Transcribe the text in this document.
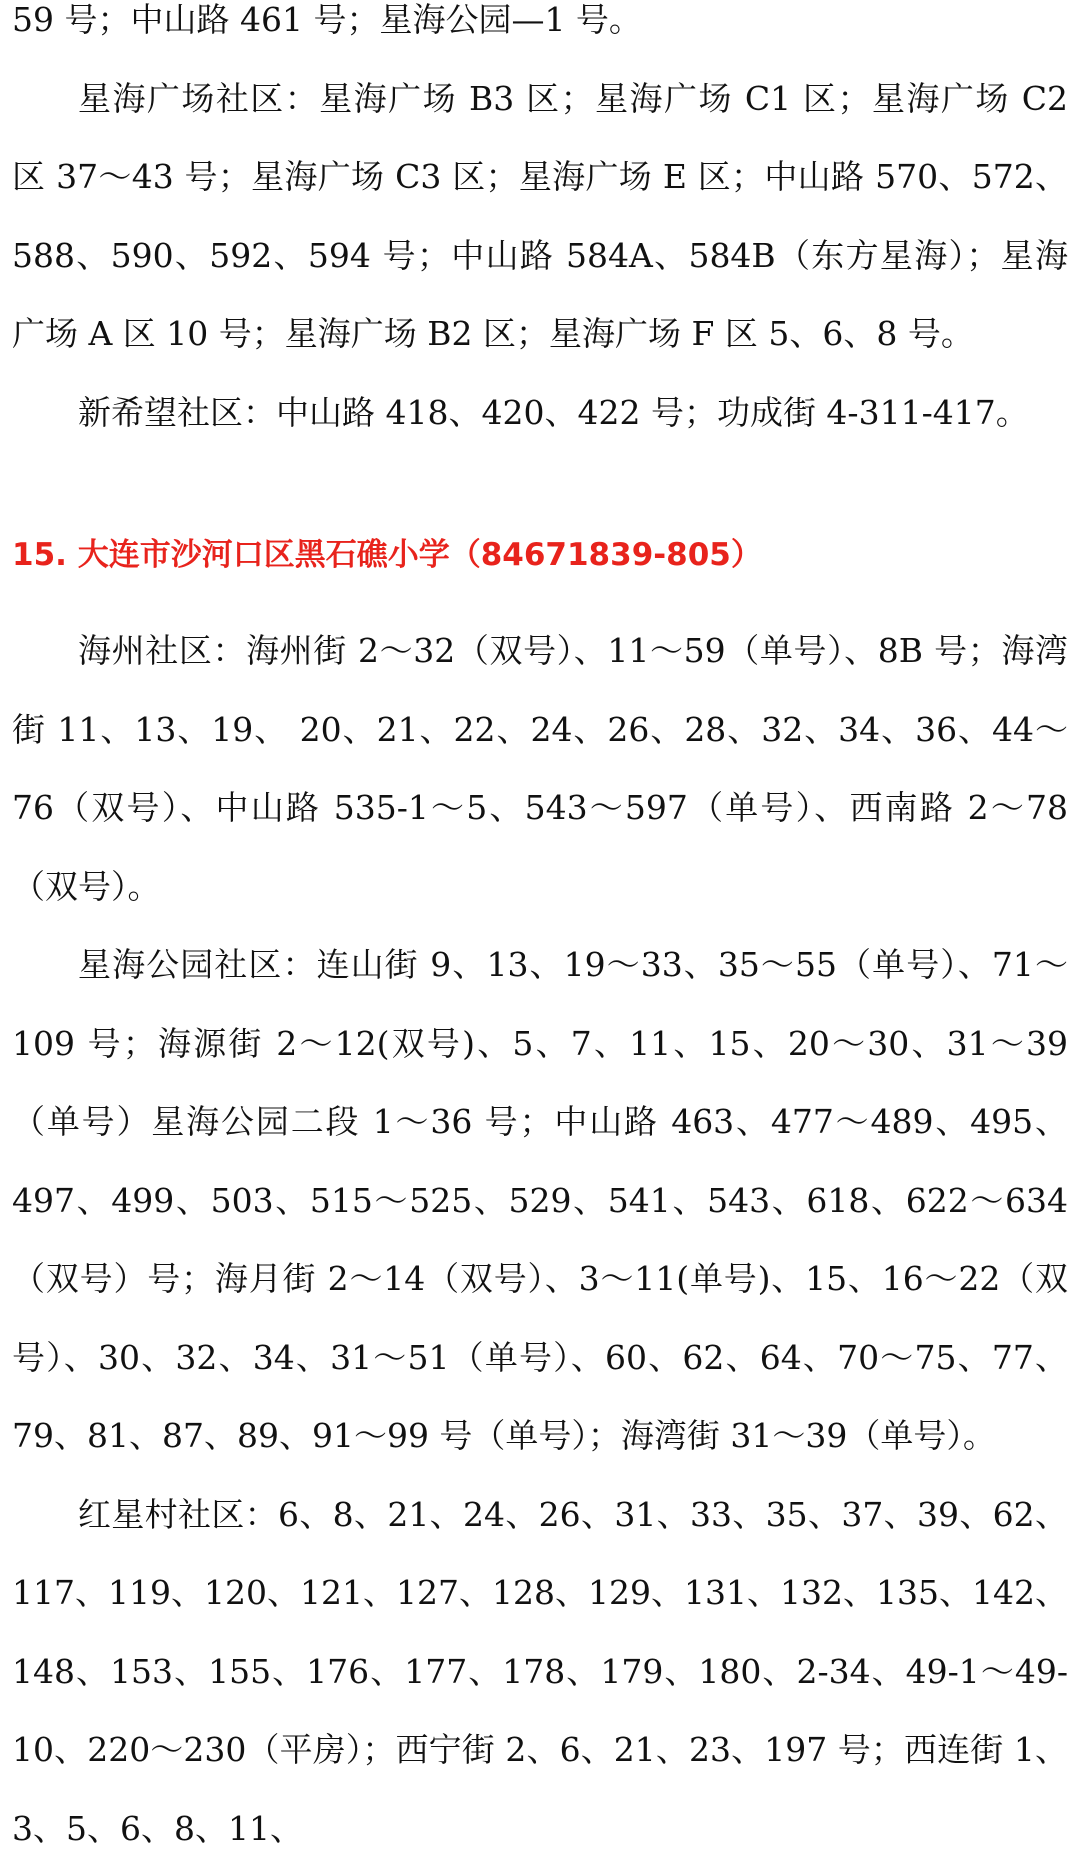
59 号；中山路 461 号；星海公园—1 号。

星海广场社区：星海广场 B3 区；星海广场 C1 区；星海广场 C2 区 37～43 号；星海广场 C3 区；星海广场 E 区；中山路 570、572、588、590、592、594 号；中山路 584A、584B（东方星海）；星海广场 A 区 10 号；星海广场 B2 区；星海广场 F 区 5、6、8 号。

新希望社区：中山路 418、420、422 号；功成街 4-311-417。

15. 大连市沙河口区黑石礁小学（84671839-805）

海州社区：海州街 2～32（双号）、11～59（单号）、8B 号；海湾街 11、13、19、 20、21、22、24、26、28、32、34、36、44～76（双号）、中山路 535-1～5、543～597（单号）、西南路 2～78（双号）。

星海公园社区：连山街 9、13、19～33、35～55（单号）、71～109 号；海源街 2～12(双号)、5、7、11、15、20～30、31～39（单号）星海公园二段 1～36 号；中山路 463、477～489、495、497、499、503、515～525、529、541、543、618、622～634（双号）号；海月街 2～14（双号）、3～11(单号)、15、16～22（双号）、30、32、34、31～51（单号）、60、62、64、70～75、77、79、81、87、89、91～99 号（单号）；海湾街 31～39（单号）。

红星村社区：6、8、21、24、26、31、33、35、37、39、62、117、119、120、121、127、128、129、131、132、135、142、148、153、155、176、177、178、179、180、2-34、49-1～49-10、220～230（平房）；西宁街 2、6、21、23、197 号；西连街 1、3、5、6、8、11、
